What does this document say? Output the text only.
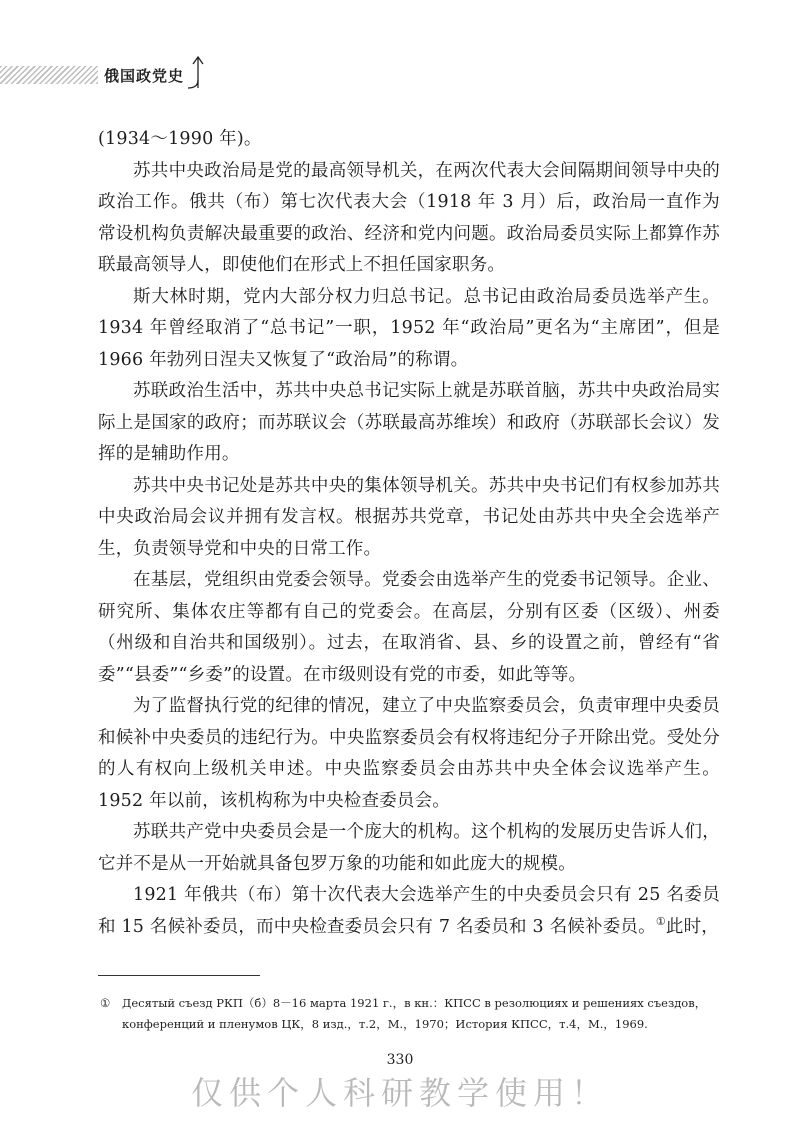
俄国政党史

(1934～1990 年)。

苏共中央政治局是党的最高领导机关，在两次代表大会间隔期间领导中央的政治工作。俄共（布）第七次代表大会（1918 年 3 月）后，政治局一直作为常设机构负责解决最重要的政治、经济和党内问题。政治局委员实际上都算作苏联最高领导人，即使他们在形式上不担任国家职务。

斯大林时期，党内大部分权力归总书记。总书记由政治局委员选举产生。1934 年曾经取消了“总书记”一职，1952 年“政治局”更名为“主席团”，但是 1966 年勃列日涅夫又恢复了“政治局”的称谓。

苏联政治生活中，苏共中央总书记实际上就是苏联首脑，苏共中央政治局实际上是国家的政府；而苏联议会（苏联最高苏维埃）和政府（苏联部长会议）发挥的是辅助作用。

苏共中央书记处是苏共中央的集体领导机关。苏共中央书记们有权参加苏共中央政治局会议并拥有发言权。根据苏共党章，书记处由苏共中央全会选举产生，负责领导党和中央的日常工作。

在基层，党组织由党委会领导。党委会由选举产生的党委书记领导。企业、研究所、集体农庄等都有自己的党委会。在高层，分别有区委（区级）、州委（州级和自治共和国级别）。过去，在取消省、县、乡的设置之前，曾经有“省委”“县委”“乡委”的设置。在市级则设有党的市委，如此等等。

为了监督执行党的纪律的情况，建立了中央监察委员会，负责审理中央委员和候补中央委员的违纪行为。中央监察委员会有权将违纪分子开除出党。受处分的人有权向上级机关申述。中央监察委员会由苏共中央全体会议选举产生。1952 年以前，该机构称为中央检查委员会。

苏联共产党中央委员会是一个庞大的机构。这个机构的发展历史告诉人们，它并不是从一开始就具备包罗万象的功能和如此庞大的规模。

1921 年俄共（布）第十次代表大会选举产生的中央委员会只有 25 名委员和 15 名候补委员，而中央检查委员会只有 7 名委员和 3 名候补委员。①此时，

① Десятый съезд РКП（б）8－16 марта 1921 г.，в кн.：КПСС в резолюциях и решениях съездов，конференций и пленумов ЦК，8 изд.，т.2，М.，1970；История КПСС，т.4，М.，1969.
330
仅供个人科研教学使用！
